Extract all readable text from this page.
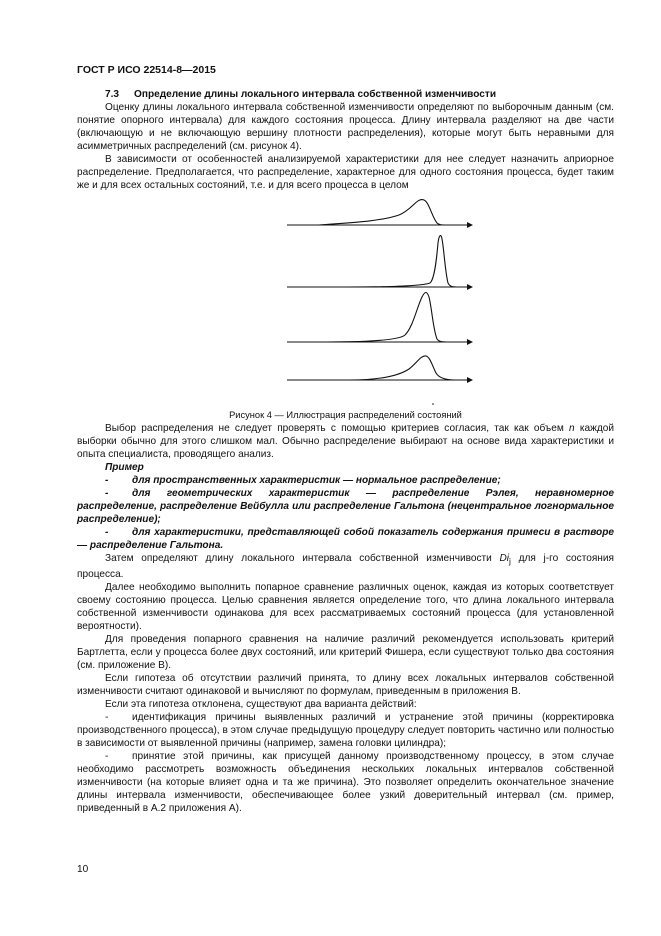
ГОСТ Р ИСО 22514-8—2015

7.3 Определение длины локального интервала собственной изменчивости

Оценку длины локального интервала собственной изменчивости определяют по выборочным данным (см. понятие опорного интервала) для каждого состояния процесса. Длину интервала разделяют на две части (включающую и не включающую вершину плотности распределения), которые могут быть неравными для асимметричных распределений (см. рисунок 4).

В зависимости от особенностей анализируемой характеристики для нее следует назначить априорное распределение. Предполагается, что распределение, характерное для одного состояния процесса, будет таким же и для всех остальных состояний, т.е. и для всего процесса в целом

Рисунок 4 — Иллюстрация распределений состояний

Выбор распределения не следует проверять с помощью критериев согласия, так как объем n каждой выборки обычно для этого слишком мал. Обычно распределение выбирают на основе вида характеристики и опыта специалиста, проводящего анализ.

Пример

- для пространственных характеристик — нормальное распределение;

- для геометрических характеристик — распределение Рэлея, неравномерное распределение, распределение Вейбулла или распределение Гальтона (нецентральное логнормальное распределение);

- для характеристики, представляющей собой показатель содержания примеси в растворе — распределение Гальтона.

Затем определяют длину локального интервала собственной изменчивости $Di_j$ для j-го состояния процесса.

Далее необходимо выполнить попарное сравнение различных оценок, каждая из которых соответствует своему состоянию процесса. Целью сравнения является определение того, что длина локального интервала собственной изменчивости одинакова для всех рассматриваемых состояний процесса (для установленной вероятности).

Для проведения попарного сравнения на наличие различий рекомендуется использовать критерий Бартлетта, если у процесса более двух состояний, или критерий Фишера, если существуют только два состояния (см. приложение В).

Если гипотеза об отсутствии различий принята, то длину всех локальных интервалов собственной изменчивости считают одинаковой и вычисляют по формулам, приведенным в приложения В.

Если эта гипотеза отклонена, существуют два варианта действий:

- идентификация причины выявленных различий и устранение этой причины (корректировка производственного процесса), в этом случае предыдущую процедуру следует повторить частично или полностью в зависимости от выявленной причины (например, замена головки цилиндра);

- принятие этой причины, как присущей данному производственному процессу, в этом случае необходимо рассмотреть возможность объединения нескольких локальных интервалов собственной изменчивости (на которые влияет одна и та же причина). Это позволяет определить окончательное значение длины интервала изменчивости, обеспечивающее более узкий доверительный интервал (см. пример, приведенный в А.2 приложения А).

10
